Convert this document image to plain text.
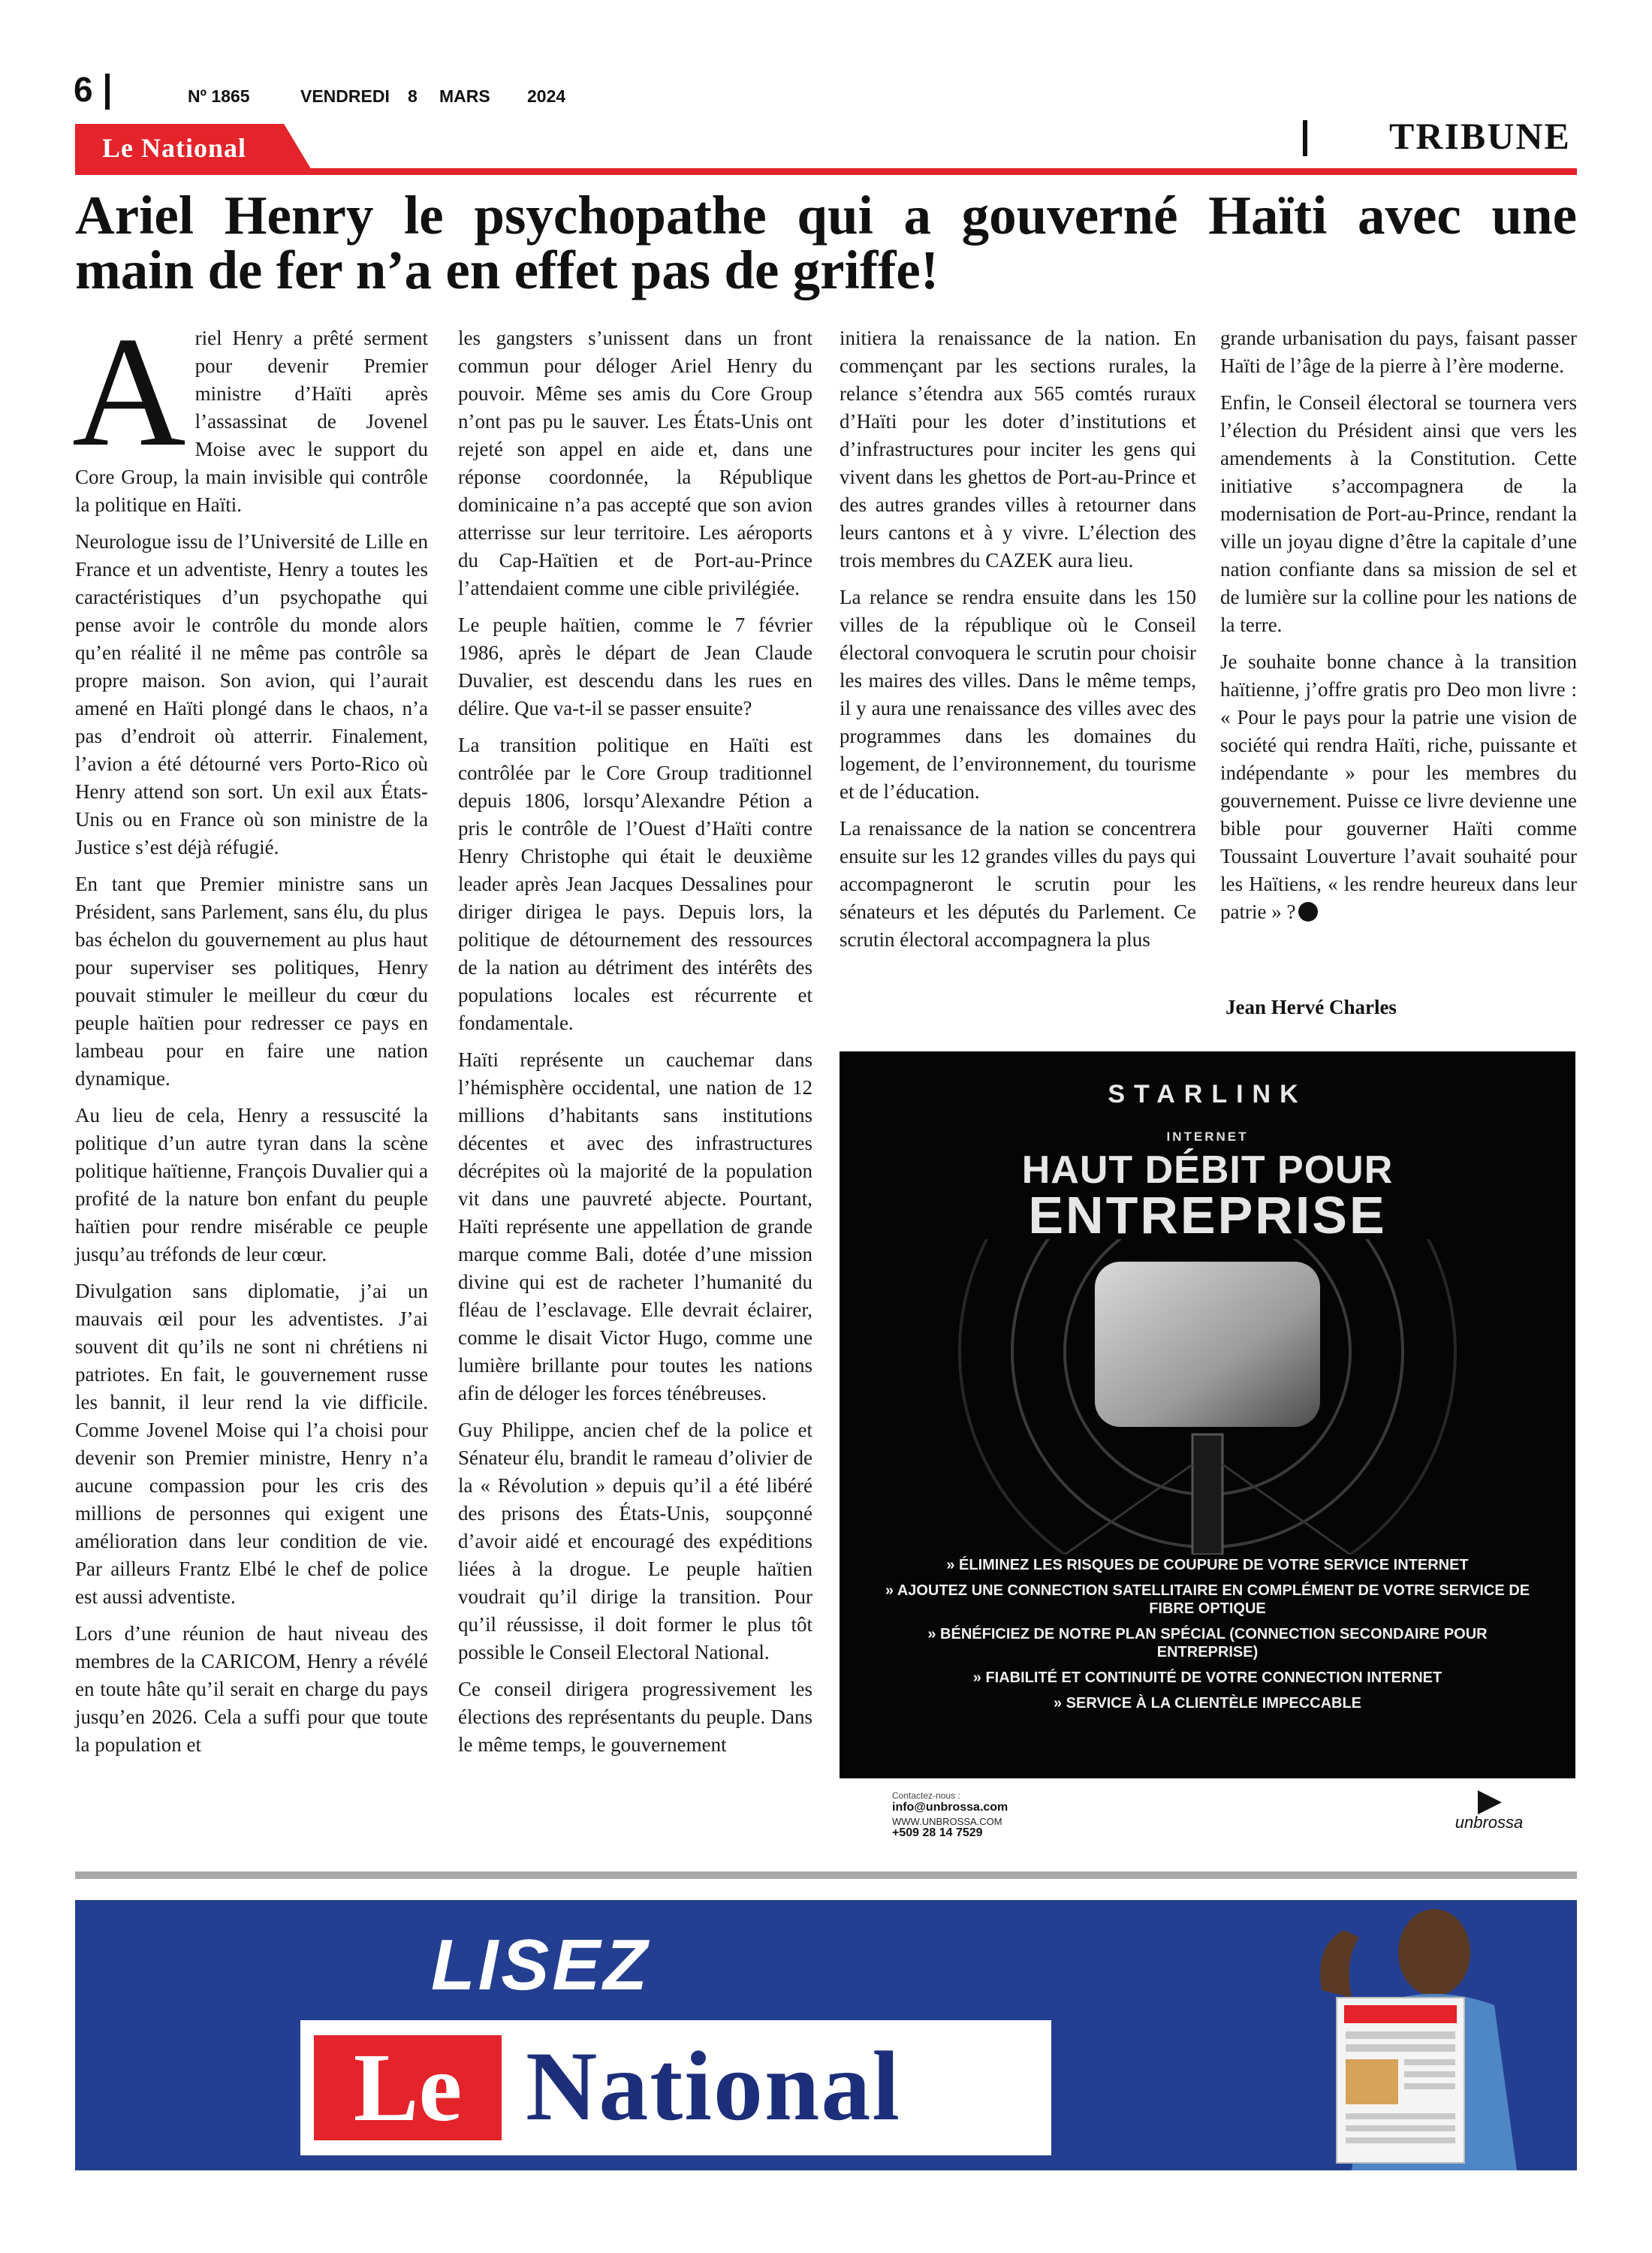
6	Nº 1865	VENDREDI 8 MARS 2024
Le National	TRIBUNE
Ariel Henry le psychopathe qui a gouverné Haïti avec une
main de fer n’a en effet pas de griffe!

Ariel Henry a prêté serment pour devenir Premier ministre d’Haïti après l’assassinat de Jovenel Moise avec le support du Core Group, la main invisible qui contrôle la politique en Haïti.

Neurologue issu de l’Université de Lille en France et un adventiste, Henry a toutes les caractéristiques d’un psychopathe qui pense avoir le contrôle du monde alors qu’en réalité il ne même pas contrôle sa propre maison. Son avion, qui l’aurait amené en Haïti plongé dans le chaos, n’a pas d’endroit où atterrir. Finalement, l’avion a été détourné vers Porto-Rico où Henry attend son sort. Un exil aux États-Unis ou en France où son ministre de la Justice s’est déjà réfugié.

En tant que Premier ministre sans un Président, sans Parlement, sans élu, du plus bas échelon du gouvernement au plus haut pour superviser ses politiques, Henry pouvait stimuler le meilleur du cœur du peuple haïtien pour redresser ce pays en lambeau pour en faire une nation dynamique.

Au lieu de cela, Henry a ressuscité la politique d’un autre tyran dans la scène politique haïtienne, François Duvalier qui a profité de la nature bon enfant du peuple haïtien pour rendre misérable ce peuple jusqu’au tréfonds de leur cœur.

Divulgation sans diplomatie, j’ai un mauvais œil pour les adventistes. J’ai souvent dit qu’ils ne sont ni chrétiens ni patriotes. En fait, le gouvernement russe les bannit, il leur rend la vie difficile. Comme Jovenel Moise qui l’a choisi pour devenir son Premier ministre, Henry n’a aucune compassion pour les cris des millions de personnes qui exigent une amélioration dans leur condition de vie. Par ailleurs Frantz Elbé le chef de police est aussi adventiste.

Lors d’une réunion de haut niveau des membres de la CARICOM, Henry a révélé en toute hâte qu’il serait en charge du pays jusqu’en 2026. Cela a suffi pour que toute la population et

les gangsters s’unissent dans un front commun pour déloger Ariel Henry du pouvoir. Même ses amis du Core Group n’ont pas pu le sauver. Les États-Unis ont rejeté son appel en aide et, dans une réponse coordonnée, la République dominicaine n’a pas accepté que son avion atterrisse sur leur territoire. Les aéroports du Cap-Haïtien et de Port-au-Prince l’attendaient comme une cible privilégiée.

Le peuple haïtien, comme le 7 février 1986, après le départ de Jean Claude Duvalier, est descendu dans les rues en délire. Que va-t-il se passer ensuite?

La transition politique en Haïti est contrôlée par le Core Group traditionnel depuis 1806, lorsqu’Alexandre Pétion a pris le contrôle de l’Ouest d’Haïti contre Henry Christophe qui était le deuxième leader après Jean Jacques Dessalines pour diriger dirigea le pays. Depuis lors, la politique de détournement des ressources de la nation au détriment des intérêts des populations locales est récurrente et fondamentale.

Haïti représente un cauchemar dans l’hémisphère occidental, une nation de 12 millions d’habitants sans institutions décentes et avec des infrastructures décrépites où la majorité de la population vit dans une pauvreté abjecte. Pourtant, Haïti représente une appellation de grande marque comme Bali, dotée d’une mission divine qui est de racheter l’humanité du fléau de l’esclavage. Elle devrait éclairer, comme le disait Victor Hugo, comme une lumière brillante pour toutes les nations afin de déloger les forces ténébreuses.

Guy Philippe, ancien chef de la police et Sénateur élu, brandit le rameau d’olivier de la « Révolution » depuis qu’il a été libéré des prisons des États-Unis, soupçonné d’avoir aidé et encouragé des expéditions liées à la drogue. Le peuple haïtien voudrait qu’il dirige la transition. Pour qu’il réussisse, il doit former le plus tôt possible le Conseil Electoral National.

Ce conseil dirigera progressivement les élections des représentants du peuple. Dans le même temps, le gouvernement

initiera la renaissance de la nation. En commençant par les sections rurales, la relance s’étendra aux 565 comtés ruraux d’Haïti pour les doter d’institutions et d’infrastructures pour inciter les gens qui vivent dans les ghettos de Port-au-Prince et des autres grandes villes à retourner dans leurs cantons et à y vivre. L’élection des trois membres du CAZEK aura lieu.

La relance se rendra ensuite dans les 150 villes de la république où le Conseil électoral convoquera le scrutin pour choisir les maires des villes. Dans le même temps, il y aura une renaissance des villes avec des programmes dans les domaines du logement, de l’environnement, du tourisme et de l’éducation.

La renaissance de la nation se concentrera ensuite sur les 12 grandes villes du pays qui accompagneront le scrutin pour les sénateurs et les députés du Parlement. Ce scrutin électoral accompagnera la plus

grande urbanisation du pays, faisant passer Haïti de l’âge de la pierre à l’ère moderne.

Enfin, le Conseil électoral se tournera vers l’élection du Président ainsi que vers les amendements à la Constitution. Cette initiative s’accompagnera de la modernisation de Port-au-Prince, rendant la ville un joyau digne d’être la capitale d’une nation confiante dans sa mission de sel et de lumière sur la colline pour les nations de la terre.

Je souhaite bonne chance à la transition haïtienne, j’offre gratis pro Deo mon livre : « Pour le pays pour la patrie une vision de société qui rendra Haïti, riche, puissante et indépendante » pour les membres du gouvernement. Puisse ce livre devienne une bible pour gouverner Haïti comme Toussaint Louverture l’avait souhaité pour les Haïtiens, « les rendre heureux dans leur patrie » ?

Jean Hervé Charles
STARLINK
INTERNET
HAUT DÉBIT POUR
ENTREPRISE
» ÉLIMINEZ LES RISQUES DE COUPURE DE VOTRE SERVICE INTERNET
» AJOUTEZ UNE CONNECTION SATELLITAIRE EN COMPLÉMENT DE VOTRE SERVICE DE FIBRE OPTIQUE
» BÉNÉFICIEZ DE NOTRE PLAN SPÉCIAL (CONNECTION SECONDAIRE POUR ENTREPRISE)
» FIABILITÉ ET CONTINUITÉ DE VOTRE CONNECTION INTERNET
» SERVICE À LA CLIENTÈLE IMPECCABLE
Contactez-nous :
info@unbrossa.com
WWW.UNBROSSA.COM
+509 28 14 7529
unbrossa
LISEZ
Le National
